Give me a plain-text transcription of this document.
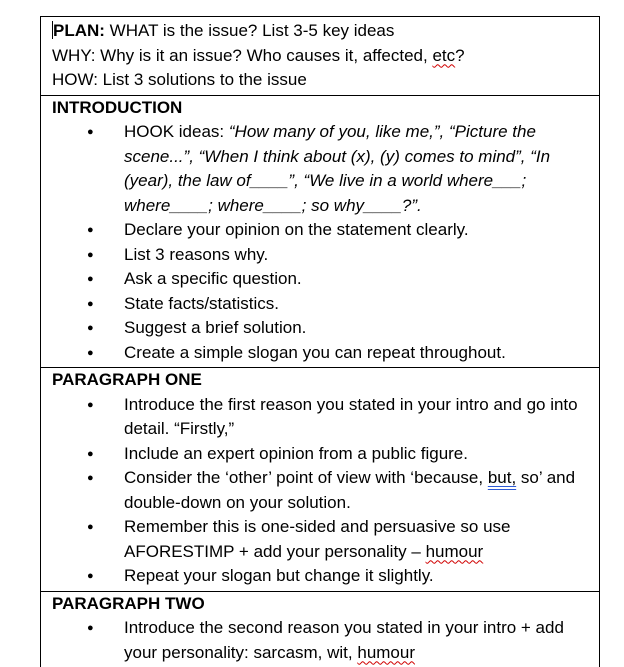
PLAN: WHAT is the issue? List 3-5 key ideas
WHY: Why is it an issue? Who causes it, affected, etc?
HOW: List 3 solutions to the issue

INTRODUCTION
● HOOK ideas: “How many of you, like me,”, “Picture the scene...”, “When I think about (x), (y) comes to mind”, “In (year), the law of____”, “We live in a world where___; where____; where____; so why____?”.
● Declare your opinion on the statement clearly.
● List 3 reasons why.
● Ask a specific question.
● State facts/statistics.
● Suggest a brief solution.
● Create a simple slogan you can repeat throughout.

PARAGRAPH ONE
● Introduce the first reason you stated in your intro and go into detail. “Firstly,”
● Include an expert opinion from a public figure.
● Consider the ‘other’ point of view with ‘because, but, so’ and double-down on your solution.
● Remember this is one-sided and persuasive so use AFORESTIMP + add your personality – humour
● Repeat your slogan but change it slightly.

PARAGRAPH TWO
● Introduce the second reason you stated in your intro + add your personality: sarcasm, wit, humour
